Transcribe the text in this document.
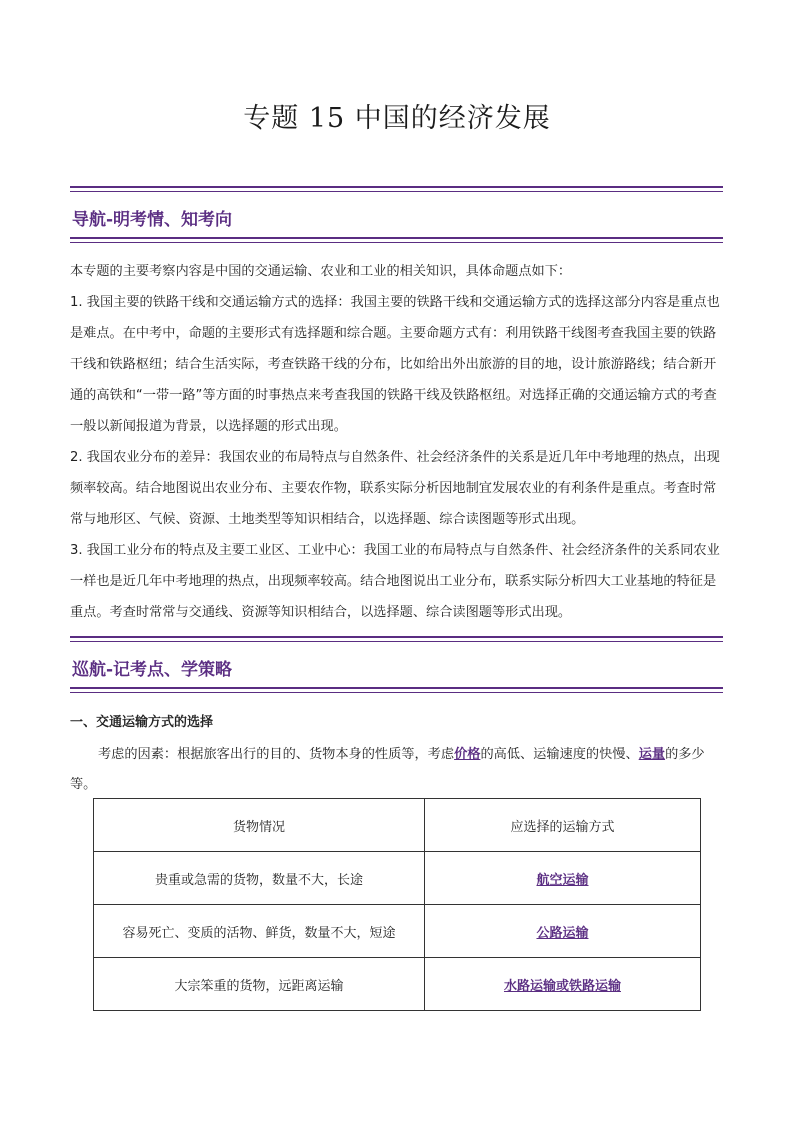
专题 15 中国的经济发展
导航-明考情、知考向

本专题的主要考察内容是中国的交通运输、农业和工业的相关知识，具体命题点如下：

1. 我国主要的铁路干线和交通运输方式的选择：我国主要的铁路干线和交通运输方式的选择这部分内容是重点也是难点。在中考中，命题的主要形式有选择题和综合题。主要命题方式有：利用铁路干线图考查我国主要的铁路干线和铁路枢纽；结合生活实际，考查铁路干线的分布，比如给出外出旅游的目的地，设计旅游路线；结合新开通的高铁和“一带一路”等方面的时事热点来考查我国的铁路干线及铁路枢纽。对选择正确的交通运输方式的考查一般以新闻报道为背景，以选择题的形式出现。

2. 我国农业分布的差异：我国农业的布局特点与自然条件、社会经济条件的关系是近几年中考地理的热点，出现频率较高。结合地图说出农业分布、主要农作物，联系实际分析因地制宜发展农业的有利条件是重点。考查时常常与地形区、气候、资源、土地类型等知识相结合，以选择题、综合读图题等形式出现。

3. 我国工业分布的特点及主要工业区、工业中心：我国工业的布局特点与自然条件、社会经济条件的关系同农业一样也是近几年中考地理的热点，出现频率较高。结合地图说出工业分布，联系实际分析四大工业基地的特征是重点。考查时常常与交通线、资源等知识相结合，以选择题、综合读图题等形式出现。

巡航-记考点、学策略
一、交通运输方式的选择
考虑的因素：根据旅客出行的目的、货物本身的性质等，考虑价格的高低、运输速度的快慢、运量的多少等。
货物情况	应选择的运输方式
贵重或急需的货物，数量不大，长途	航空运输
容易死亡、变质的活物、鲜货，数量不大，短途	公路运输
大宗笨重的货物，远距离运输	水路运输或铁路运输
